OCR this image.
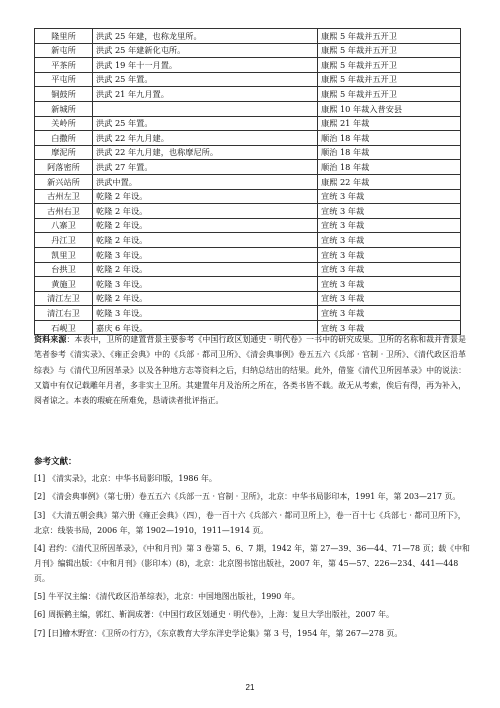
隆里所	洪武 25 年建，也称龙里所。	康熙 5 年裁并五开卫
新屯所	洪武 25 年建新化屯所。	康熙 5 年裁并五开卫
平茶所	洪武 19 年十一月置。	康熙 5 年裁并五开卫
平屯所	洪武 25 年置。	康熙 5 年裁并五开卫
铜鼓所	洪武 21 年九月置。	康熙 5 年裁并五开卫
新城所		康熙 10 年裁入普安县
关岭所	洪武 25 年置。	康熙 21 年裁
白撒所	洪武 22 年九月建。	顺治 18 年裁
摩泥所	洪武 22 年九月建，也称摩尼所。	顺治 18 年裁
阿落密所	洪武 27 年置。	顺治 18 年裁
新兴站所	洪武中置。	康熙 22 年裁
古州左卫	乾隆 2 年设。	宣统 3 年裁
古州右卫	乾隆 2 年设。	宣统 3 年裁
八寨卫	乾隆 2 年设。	宣统 3 年裁
丹江卫	乾隆 2 年设。	宣统 3 年裁
凯里卫	乾隆 3 年设。	宣统 3 年裁
台拱卫	乾隆 2 年设。	宣统 3 年裁
黄施卫	乾隆 3 年设。	宣统 3 年裁
清江左卫	乾隆 2 年设。	宣统 3 年裁
清江右卫	乾隆 3 年设。	宣统 3 年裁
石岘卫	嘉庆 6 年设。	宣统 3 年裁
资料来源：本表中，卫所的建置背景主要参考《中国行政区划通史 · 明代卷》一书中的研究成果。卫所的名称和裁并背景是笔者参考《清实录》、《雍正会典》中的《兵部 · 都司卫所》、《清会典事例》卷五五六《兵部 · 官制 · 卫所》、《清代政区沿革综表》与《清代卫所因革录》以及各种地方志等资料之后，归纳总结出的结果。此外，借鉴《清代卫所因革录》中的说法：又篇中有仅记载雕年月者，多非实土卫所。其建置年月及治所之所在，各类书皆不载。故无从考索，俟后有得，再为补入，阅者谅之。本表的瑕疵在所难免，恳请读者批评指正。
参考文献：
[1] 《清实录》，北京：中华书局影印版，1986 年。
[2] 《清会典事例》（第七册）卷五五六《兵部一五 · 官制 · 卫所》，北京：中华书局影印本，1991 年，第 203—217 页。
[3] 《大清五朝会典》第六册《雍正会典》（四），卷一百十六《兵部六 · 都司卫所上》，卷一百十七《兵部七 · 都司卫所下》，北京：线装书局，2006 年，第 1902—1910，1911—1914 页。
[4] 君约：《清代卫所因革录》，《中和月刊》第 3 卷第 5、6、7 期，1942 年，第 27—39、36—44、71—78 页；载《中和月刊》编辑出版：《中和月刊》（影印本）(8)，北京：北京图书馆出版社，2007 年，第 45—57、226—234、441—448 页。
[5] 牛平汉主编：《清代政区沿革综表》，北京：中国地图出版社，1990 年。
[6] 周振鹤主编，郭红、靳润成著：《中国行政区划通史 · 明代卷》，上海：复旦大学出版社，2007 年。
[7] [日]檜木野宣：《卫所の行方》，《东京教育大学东洋史学论集》第 3 号，1954 年，第 267—278 页。
21
